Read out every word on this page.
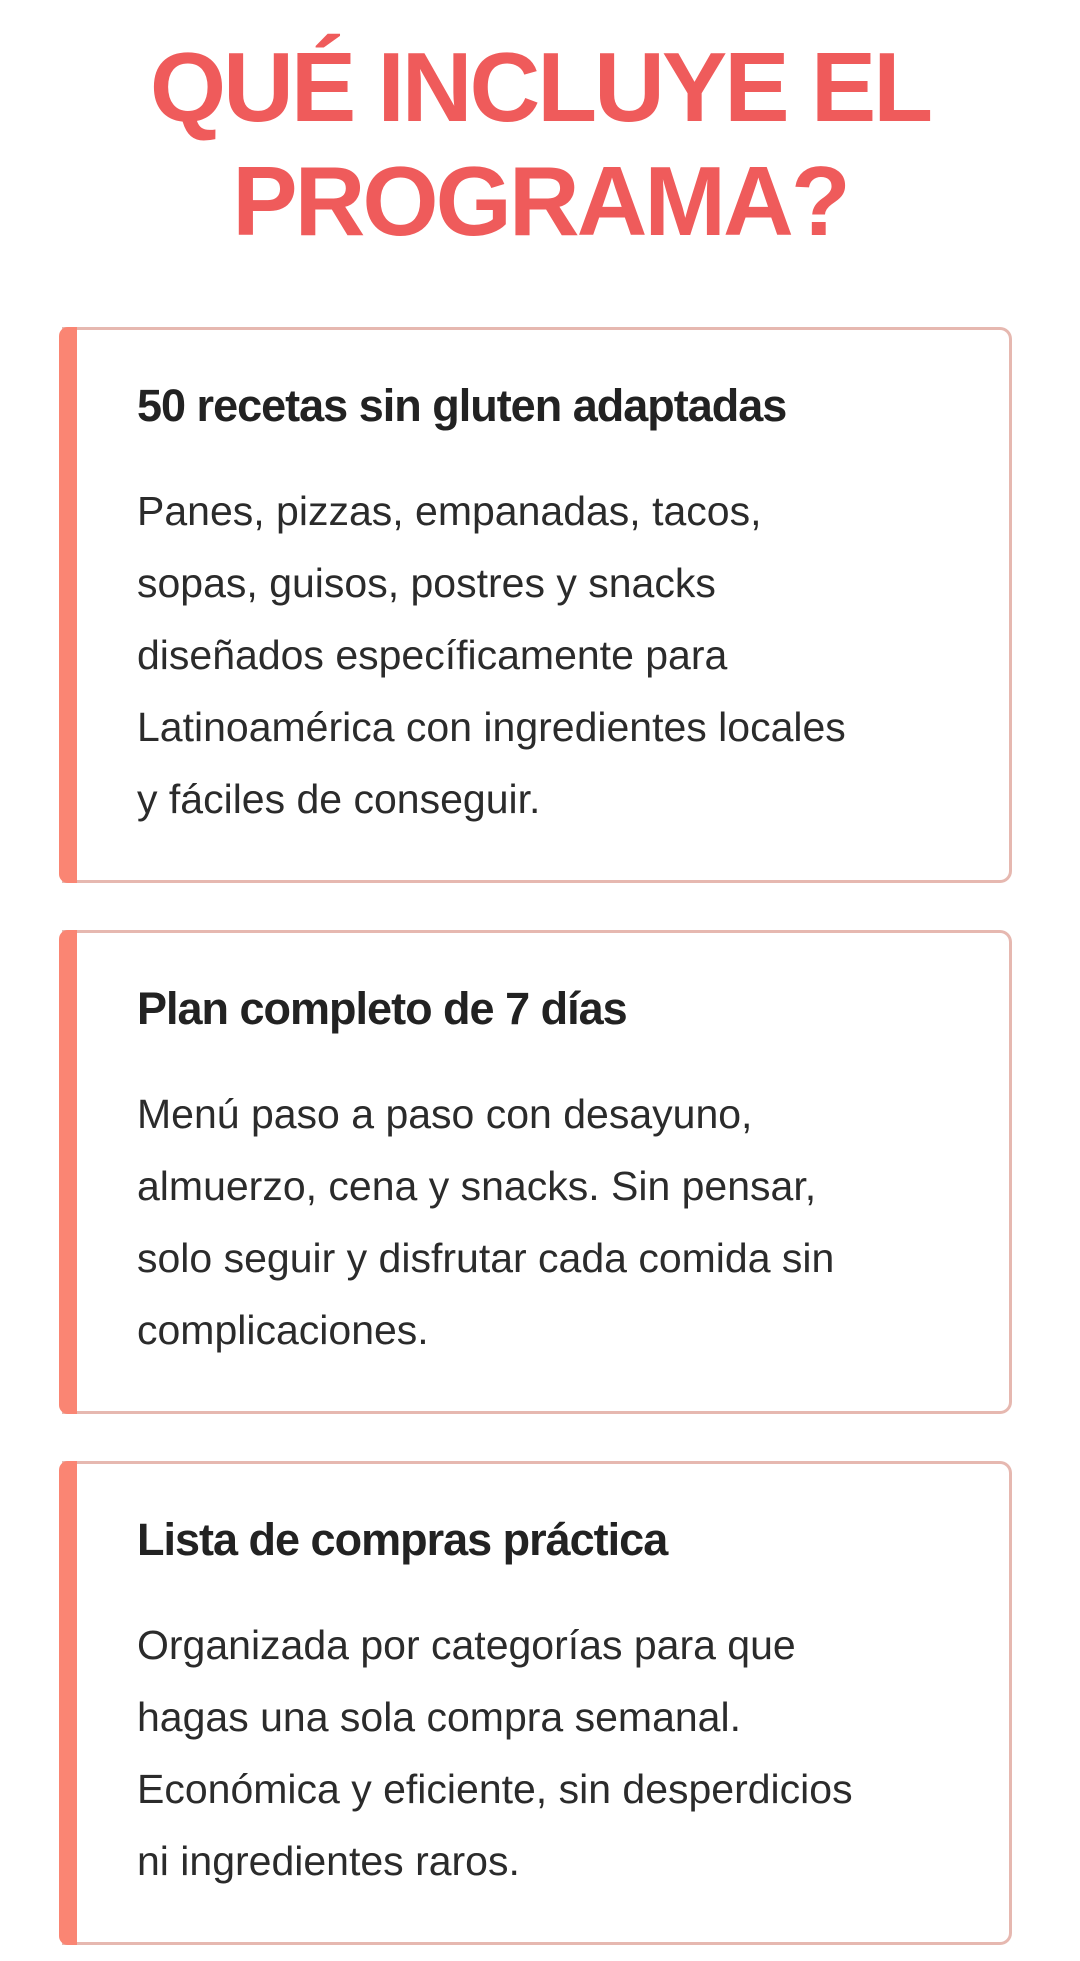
QUÉ INCLUYE EL
PROGRAMA?
50 recetas sin gluten adaptadas

Panes, pizzas, empanadas, tacos,
sopas, guisos, postres y snacks
diseñados específicamente para
Latinoamérica con ingredientes locales
y fáciles de conseguir.

Plan completo de 7 días

Menú paso a paso con desayuno,
almuerzo, cena y snacks. Sin pensar,
solo seguir y disfrutar cada comida sin
complicaciones.

Lista de compras práctica

Organizada por categorías para que
hagas una sola compra semanal.
Económica y eficiente, sin desperdicios
ni ingredientes raros.
